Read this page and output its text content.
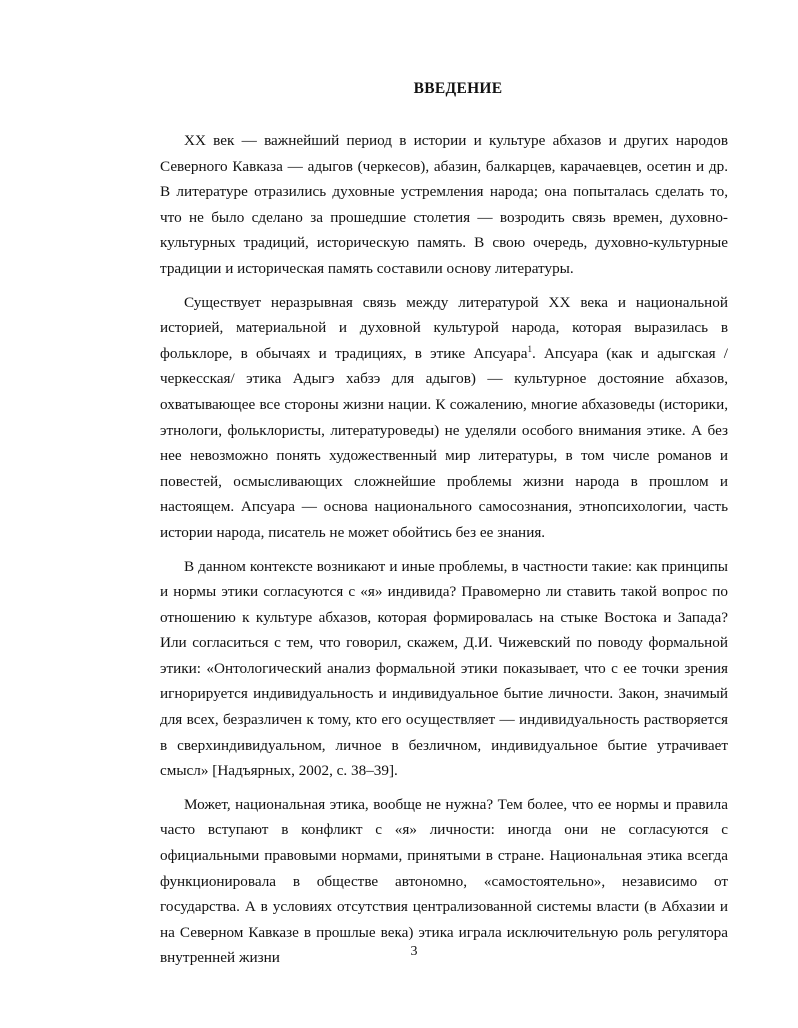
ВВЕДЕНИЕ

XX век — важнейший период в истории и культуре абхазов и других народов Северного Кавказа — адыгов (черкесов), абазин, балкарцев, карачаевцев, осетин и др. В литературе отразились духовные устремления народа; она попыталась сделать то, что не было сделано за прошедшие столетия — возродить связь времен, духовно-культурных традиций, историческую память. В свою очередь, духовно-культурные традиции и историческая память составили основу литературы.

Существует неразрывная связь между литературой XX века и национальной историей, материальной и духовной культурой народа, которая выразилась в фольклоре, в обычаях и традициях, в этике Апсуара$^1$. Апсуара (как и адыгская /черкесская/ этика Адыгэ хабзэ для адыгов) — культурное достояние абхазов, охватывающее все стороны жизни нации. К сожалению, многие абхазоведы (историки, этнологи, фольклористы, литературоведы) не уделяли особого внимания этике. А без нее невозможно понять художественный мир литературы, в том числе романов и повестей, осмысливающих сложнейшие проблемы жизни народа в прошлом и настоящем. Апсуара — основа национального самосознания, этнопсихологии, часть истории народа, писатель не может обойтись без ее знания.

В данном контексте возникают и иные проблемы, в частности такие: как принципы и нормы этики согласуются с «я» индивида? Правомерно ли ставить такой вопрос по отношению к культуре абхазов, которая формировалась на стыке Востока и Запада? Или согласиться с тем, что говорил, скажем, Д.И. Чижевский по поводу формальной этики: «Онтологический анализ формальной этики показывает, что с ее точки зрения игнорируется индивидуальность и индивидуальное бытие личности. Закон, значимый для всех, безразличен к тому, кто его осуществляет — индивидуальность растворяется в сверхиндивидуальном, личное в безличном, индивидуальное бытие утрачивает смысл» [Надъярных, 2002, с. 38–39].

Может, национальная этика, вообще не нужна? Тем более, что ее нормы и правила часто вступают в конфликт с «я» личности: иногда они не согласуются с официальными правовыми нормами, принятыми в стране. Национальная этика всегда функционировала в обществе автономно, «самостоятельно», независимо от государства. А в условиях отсутствия централизованной системы власти (в Абхазии и на Северном Кавказе в прошлые века) этика играла исключительную роль регулятора внутренней жизни	3
